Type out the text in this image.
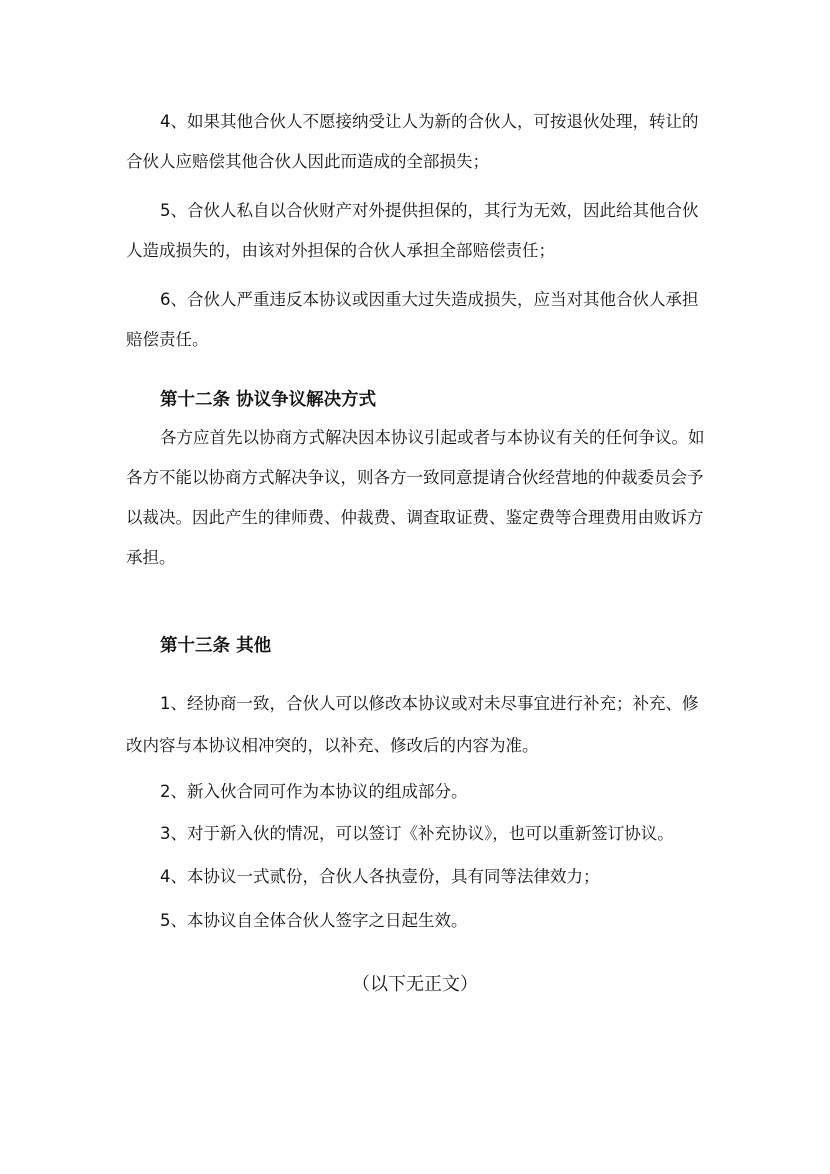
4、如果其他合伙人不愿接纳受让人为新的合伙人，可按退伙处理，转让的
合伙人应赔偿其他合伙人因此而造成的全部损失；
5、合伙人私自以合伙财产对外提供担保的，其行为无效，因此给其他合伙
人造成损失的，由该对外担保的合伙人承担全部赔偿责任；
6、合伙人严重违反本协议或因重大过失造成损失，应当对其他合伙人承担
赔偿责任。
第十二条 协议争议解决方式
各方应首先以协商方式解决因本协议引起或者与本协议有关的任何争议。如
各方不能以协商方式解决争议，则各方一致同意提请合伙经营地的仲裁委员会予
以裁决。因此产生的律师费、仲裁费、调查取证费、鉴定费等合理费用由败诉方
承担。
第十三条 其他
1、经协商一致，合伙人可以修改本协议或对未尽事宜进行补充；补充、修
改内容与本协议相冲突的，以补充、修改后的内容为准。
2、新入伙合同可作为本协议的组成部分。
3、对于新入伙的情况，可以签订《补充协议》，也可以重新签订协议。
4、本协议一式贰份，合伙人各执壹份，具有同等法律效力；
5、本协议自全体合伙人签字之日起生效。
（以下无正文）
